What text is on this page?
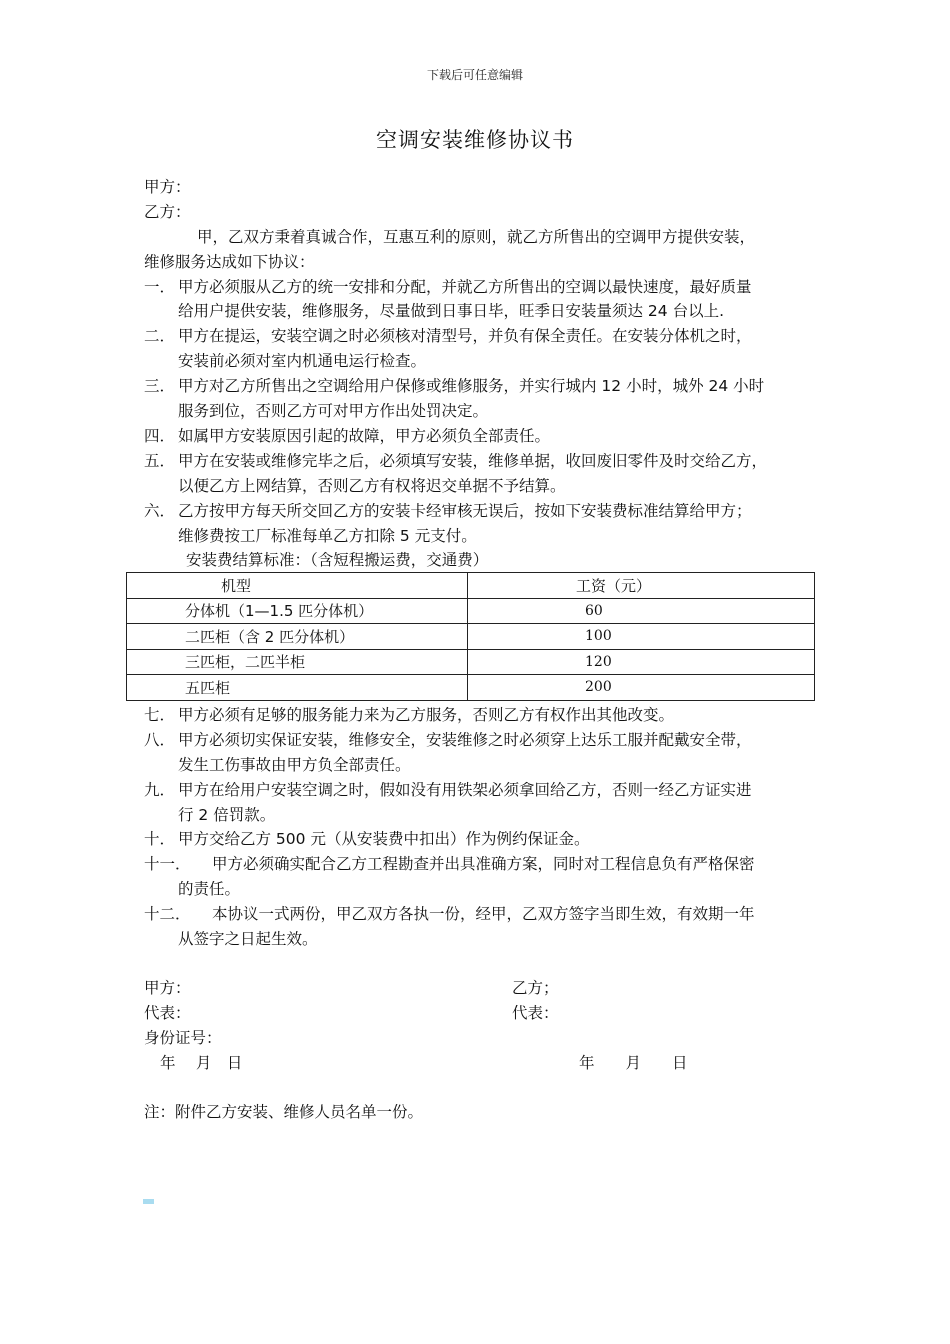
下载后可任意编辑
空调安装维修协议书
甲方：
乙方：
甲，乙双方秉着真诚合作，互惠互利的原则，就乙方所售出的空调甲方提供安装，
维修服务达成如下协议：
一． 甲方必须服从乙方的统一安排和分配，并就乙方所售出的空调以最快速度，最好质量
给用户提供安装，维修服务，尽量做到日事日毕，旺季日安装量须达 24 台以上.
二． 甲方在提运，安装空调之时必须核对清型号，并负有保全责任。在安装分体机之时，
安装前必须对室内机通电运行检查。
三． 甲方对乙方所售出之空调给用户保修或维修服务，并实行城内 12 小时，城外 24 小时
服务到位，否则乙方可对甲方作出处罚决定。
四． 如属甲方安装原因引起的故障，甲方必须负全部责任。
五． 甲方在安装或维修完毕之后，必须填写安装，维修单据，收回废旧零件及时交给乙方，
以便乙方上网结算，否则乙方有权将迟交单据不予结算。
六． 乙方按甲方每天所交回乙方的安装卡经审核无误后，按如下安装费标准结算给甲方；
维修费按工厂标准每单乙方扣除 5 元支付。
安装费结算标准：（含短程搬运费，交通费）
机型	工资（元）
分体机（1—1.5 匹分体机）	60
二匹柜（含 2 匹分体机）	100
三匹柜，二匹半柜	120
五匹柜	200
七． 甲方必须有足够的服务能力来为乙方服务，否则乙方有权作出其他改变。
八． 甲方必须切实保证安装，维修安全，安装维修之时必须穿上达乐工服并配戴安全带，
发生工伤事故由甲方负全部责任。
九． 甲方在给用户安装空调之时，假如没有用铁架必须拿回给乙方，否则一经乙方证实进
行 2 倍罚款。
十． 甲方交给乙方 500 元（从安装费中扣出）作为例约保证金。
十一． 甲方必须确实配合乙方工程勘查并出具准确方案，同时对工程信息负有严格保密
的责任。
十二． 本协议一式两份，甲乙双方各执一份，经甲，乙双方签字当即生效，有效期一年
从签字之日起生效。
甲方：	乙方；
代表：	代表：
身份证号：
年　 月　日	年　　月　　日
注：附件乙方安装、维修人员名单一份。
